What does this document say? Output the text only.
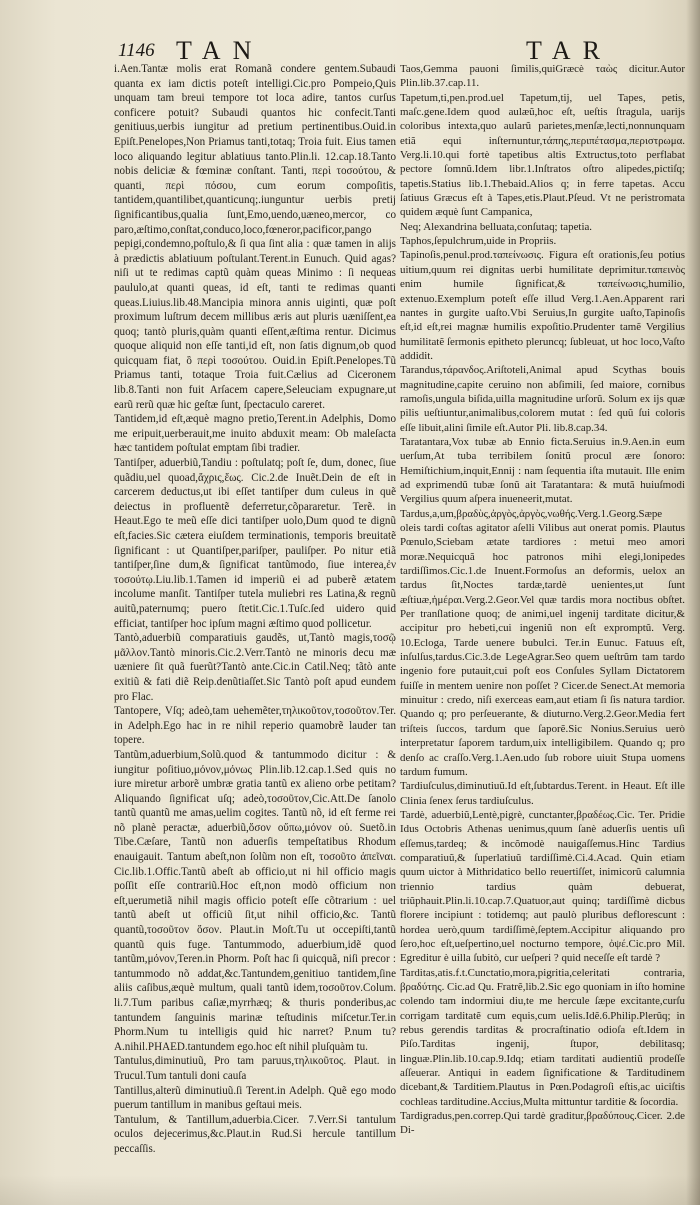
1146 TAN	TAR

i.Aen.Tantæ molis erat Romanã condere gentem.Subaudi quanta ex iam dictis poteſt intelligi.Cic.pro Pompeio,Quis unquam tam breui tempore tot loca adire, tantos curſus conficere potuit? Subaudi quantos hic confecit.Tanti genitiuus,uerbis iungitur ad pretium pertinentibus.Ouid.in Epiſt.Penelopes,Non Priamus tanti,totaq; Troia fuit. Eius tamen loco aliquando legitur ablatiuus tanto.Plin.li. 12.cap.18.Tanto nobis deliciæ & fœminæ conſtant. Tanti, περὶ τοσούτου, & quanti, περὶ πόσου, cum eorum compoſitis, tantidem,quantilibet,quanticunq;.iunguntur uerbis pretij ſignificantibus,qualia ſunt,Emo,uendo,uæneo,mercor, co paro,æſtimo,conſtat,conduco,loco,fœneror,pacificor,pango pepigi,condemno,poſtulo,& ſi qua ſint alia : quæ tamen in alijs à prædictis ablatiuum poſtulant.Terent.in Eunuch. Quid agas? niſi ut te redimas captũ quàm queas Minimo : ſi nequeas paululo,at quanti queas, id eſt, tanti te redimas quanti queas.Liuius.lib.48.Mancipia minora annis uiginti, quæ poſt proximum luſtrum decem millibus æris aut pluris uæniſſent,ea quoq; tantò pluris,quàm quanti eſſent,æſtima rentur. Dicimus quoque aliquid non eſſe tanti,id eſt, non ſatis dignum,ob quod quicquam fiat, ὃ περὶ τοσούτου. Ouid.in Epiſt.Penelopes.Tũ Priamus tanti, totaque Troia fuit.Cælius ad Ciceronem lib.8.Tanti non fuit Arſacem capere,Seleuciam expugnare,ut earũ rerũ quæ hic geſtæ ſunt, ſpectaculo careret.

Tantidem,id eſt,æquè magno pretio,Terent.in Adelphis, Domo me eripuit,uerberauit,me inuito abduxit meam: Ob maleſacta hæc tantidem poſtulat emptam ſibi tradier.

Tantiſper, aduerbiũ,Tandiu : poſtulatq; poſt ſe, dum, donec, ſiue quãdiu,uel quoad,ἄχρις,ἕως. Cic.2.de Inuẽt.Dein de eſt in carcerem deductus,ut ibi eſſet tantiſper dum culeus in quẽ deiectus in profluentẽ deferretur,cõpararetur. Terẽ. in Heaut.Ego te meũ eſſe dici tantiſper uolo,Dum quod te dignũ eſt,facies.Sic cætera eiuſdem terminationis, temporis breuitatẽ ſignificant : ut Quantiſper,pariſper, pauliſper. Po nitur etiã tantiſper,ſine dum,& ſignificat tantũmodo, ſiue interea,ἐν τοσούτῳ.Liu.lib.1.Tamen id imperiũ ei ad puberẽ ætatem incolume manſit. Tantiſper tutela muliebri res Latina,& regnũ auitũ,paternumq; puero ſtetit.Cic.1.Tuſc.ſed uidero quid efficiat, tantiſper hoc ipſum magni æſtimo quod pollicetur.

Tantò,aduerbiũ comparatiuis gaudẽs, ut,Tantò magis,τοσῷ μᾶλλον.Tantò minoris.Cic.2.Verr.Tantò ne minoris decu mæ uæniere ſit quã fuerũt?Tantò ante.Cic.in Catil.Neq; tãtò ante exitiũ & fati diẽ Reip.denũtiaſſet.Sic Tantò poſt apud eundem pro Flac.

Tantopere, Vſq; adeò,tam uehemẽter,τηλικοῦτον,τοσοῦτον.Ter. in Adelph.Ego hac in re nihil reperio quamobrẽ lauder tan topere.

Tantũm,aduerbium,Solũ.quod & tantummodo dicitur : & iungitur poſitiuo,μόνον,μόνως Plin.lib.12.cap.1.Sed quis no iure miretur arborẽ umbræ gratia tantũ ex alieno orbe petitam?Aliquando ſignificat uſq; adeò,τοσοῦτον,Cic.Att.De ſanolo tantũ quantũ me amas,uelim cogites. Tantũ nõ, id eſt ferme rei nõ planè peractæ, aduerbiũ,ὅσον οὔπω,μόνον οὐ. Suetõ.in Tibe.Cæſare, Tantũ non aduerſis tempeſtatibus Rhodum enauigauit. Tantum abeſt,non ſolũm non eſt, τοσοῦτο ἀπεῖναι. Cic.lib.1.Offic.Tantũ abeſt ab officio,ut ni hil officio magis poſſit eſſe contrariũ.Hoc eſt,non modò officium non eſt,uerumetiã nihil magis officio poteſt eſſe cõtrarium : uel tantũ abeſt ut officiũ ſit,ut nihil officio,&c. Tantũ quantũ,τοσοῦτον ὅσον. Plaut.in Moſt.Tu ut occepiſti,tantũ quantũ quis fuge. Tantummodo, aduerbium,idẽ quod tantũm,μόνον,Teren.in Phorm. Poſt hac ſi quicquã, niſi precor : tantummodo nõ addat,&c.Tantundem,genitiuo tantidem,ſine aliis caſibus,æquè multum, quali tantũ idem,τοσοῦτον.Colum. li.7.Tum paribus caſiæ,myrrhæq; & thuris ponderibus,ac tantundem ſanguinis marinæ teſtudinis miſcetur.Ter.in Phorm.Num tu intelligis quid hic narret? P.num tu? A.nihil.PHAED.tantundem ego.hoc eſt nihil pluſquàm tu.

Tantulus,diminutiuũ, Pro tam paruus,τηλικοῦτος. Plaut. in Trucul.Tum tantuli doni cauſa

Tantillus,alterũ diminutiuũ.ſi Terent.in Adelph. Quẽ ego modo puerum tantillum in manibus geſtaui meis.

Tantulum, & Tantillum,aduerbia.Cicer. 7.Verr.Si tantulum oculos dejecerimus,&c.Plaut.in Rud.Si hercule tantillum peccaſſis.

Taos,Gemma pauoni ſimilis,quiGræcè ταὼς dicitur.Autor Plin.lib.37.cap.11.

Tapetum,ti,pen.prod.uel Tapetum,tij, uel Tapes, petis, maſc.gene.Idem quod aulæũ,hoc eſt, ueſtis ſtragula, uarijs coloribus intexta,quo aularũ parietes,menſæ,lecti,nonnunquam etiã equi inſternuntur,τάπης,περιπέτασμα,περιστρωμα. Verg.li.10.qui fortè tapetibus altis Extructus,toto perflabat pectore ſomnũ.Idem libr.1.Inſtratos oſtro alipedes,pictiſq; tapetis.Statius lib.1.Thebaid.Alios q; in ferre tapetas. Accu ſatiuus Græcus eſt à Tapes,etis.Plaut.Pſeud. Vt ne peristromata quidem æquè ſunt Campanica,

Neq; Alexandrina belluata,conſutaq; tapetia.

Taphos,ſepulchrum,uide in Propriis.

Tapinoſis,penul.prod.ταπείνωσις. Figura eſt orationis,ſeu potius uitium,quum rei dignitas uerbi humilitate deprimitur.ταπεινὸς enim humile ſignificat,& ταπείνωσις,humilio, extenuo.Exemplum poteſt eſſe illud Verg.1.Aen.Apparent rari nantes in gurgite uaſto.Vbi Seruius,In gurgite uaſto,Tapinoſis eſt,id eſt,rei magnæ humilis expoſitio.Prudenter tamẽ Vergilius humilitatẽ ſermonis epitheto pleruncq; ſubleuat, ut hoc loco,Vaſto addidit.

Tarandus,τάρανδος.Ariſtoteli,Animal apud Scythas bouis magnitudine,capite ceruino non abſimili, ſed maiore, cornibus ramoſis,ungula biſida,uilla magnitudine urſorũ. Solum ex ijs quæ pilis ueſtiuntur,animalibus,colorem mutat : ſed quũ ſui coloris eſſe libuit,alini ſimile eſt.Autor Pli. lib.8.cap.34.

Taratantara,Vox tubæ ab Ennio ficta.Seruius in.9.Aen.in eum uerſum,At tuba terribilem ſonitũ procul ære ſonoro: Hemiſtichium,inquit,Ennij : nam ſequentia iſta mutauit. Ille enim ad exprimendũ tubæ ſonũ ait Taratantara: & mutã huiuſmodi Vergilius quum aſpera inueneerit,mutat.

Tardus,a,um,βραδὺς,ἀργὸς,ἀργὸς,νωθής.Verg.1.Georg.Sæpe oleis tardi coſtas agitator aſelli Vilibus aut onerat pomis. Plautus Pœnulo,Sciebam ætate tardiores : metui meo amori moræ.Nequicquã hoc patronos mihi elegi,lonipedes tardiſſimos.Cic.1.de Inuent.Formoſus an deformis, uelox an tardus ſit,Noctes tardæ,tardè uenientes,ut ſunt æſtiuæ,ἡμέραι.Verg.2.Geor.Vel quæ tardis mora noctibus obſtet. Per tranſlatione quoq; de animi,uel ingenij tarditate dicitur,& accipitur pro hebeti,cui ingeniũ non eſt expromptũ. Verg. 10.Ecloga, Tarde uenere bubulci. Ter.in Eunuc. Fatuus eſt, inſulſus,tardus.Cic.3.de LegeAgrar.Seo quem ueſtrũm tam tardo ingenio fore putauit,cui poſt eos Conſules Syllam Dictatorem fuiſſe in mentem uenire non poſſet ? Cicer.de Senect.At memoria minuitur : credo, niſi exerceas eam,aut etiam ſi ſis natura tardior. Quando q; pro perſeuerante, & diuturno.Verg.2.Geor.Media fert triſteis ſuccos, tardum que ſaporẽ.Sic Nonius.Seruius uerò interpretatur ſaporem tardum,uix intelligibilem. Quando q; pro denſo ac craſſo.Verg.1.Aen.udo ſub robore uiuit Stupa uomens tardum fumum.

Tardiuſculus,diminutiuũ.Id eſt,ſubtardus.Terent. in Heaut. Eſt ille Clinia ſenex ſerus tardiuſculus.

Tardè, aduerbiũ,Lentè,pigrè, cunctanter,βραδέως.Cic. Ter. Pridie Idus Octobris Athenas uenimus,quum ſanè aduerſis uentis uſi eſſemus,tardeq; & incõmodè nauigaſſemus.Hinc Tardius comparatiuũ,& ſuperlatiuũ tardiſſimè.Ci.4.Acad. Quin etiam quum uictor à Mithridatico bello reuertiſſet, inimicorũ calumnia triennio tardius quàm debuerat, triũphauit.Plin.li.10.cap.7.Quatuor,aut quinq; tardiſſimè dicbus florere incipiunt : totidemq; aut paulò pluribus deflorescunt : hordea uerò,quum tardiſſimè,ſeptem.Accipitur aliquando pro ſero,hoc eſt,ueſpertino,uel nocturno tempore, ὀψέ.Cic.pro Mil. Egreditur è uilla ſubitò, cur ueſperi ? quid neceſſe eſt tardè ?

Tarditas,atis.f.t.Cunctatio,mora,pigritia,celeritati contraria, βραδύτης. Cic.ad Qu. Fratrẽ,lib.2.Sic ego quoniam in iſto homine colendo tam indormiui diu,te me hercule ſæpe excitante,curſu corrigam tarditatẽ cum equis,cum uelis.Idẽ.6.Philip.Plerũq; in rebus gerendis tarditas & procraſtinatio odioſa eſt.Idem in Piſo.Tarditas ingenij, ſtupor, debilitasq; linguæ.Plin.lib.10.cap.9.Idq; etiam tarditati audientiũ prodeſſe aſſeuerar. Antiqui in eadem ſignificatione & Tarditudinem dicebant,& Tarditiem.Plautus in Pœn.Podagroſi eſtis,ac uiciſtis cochleas tarditudine.Accius,Multa mittuntur tarditie & ſocordia.

Tardigradus,pen.correp.Qui tardè graditur,βραδύπους.Cicer. 2.de Di-
